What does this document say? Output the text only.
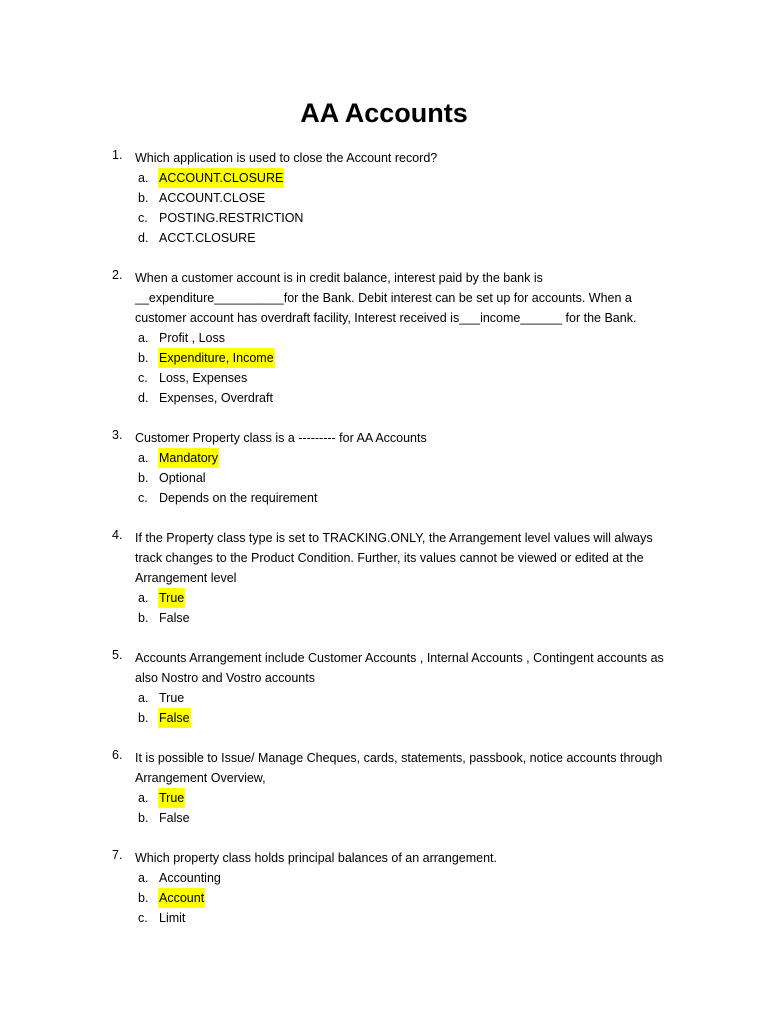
AA Accounts
1.	Which application is used to close the Account record?
a. ACCOUNT.CLOSURE
b. ACCOUNT.CLOSE
c. POSTING.RESTRICTION
d. ACCT.CLOSURE
2.	When a customer account is in credit balance, interest paid by the bank is __expenditure__________for the Bank. Debit interest can be set up for accounts. When a customer account has overdraft facility, Interest received is___income______ for the Bank.
a. Profit , Loss
b. Expenditure, Income
c. Loss, Expenses
d. Expenses, Overdraft
3.	Customer Property class is a --------- for AA Accounts
a. Mandatory
b. Optional
c. Depends on the requirement
4.	If the Property class type is set to TRACKING.ONLY, the Arrangement level values will always track changes to the Product Condition. Further, its values cannot be viewed or edited at the Arrangement level
a. True
b. False
5.	Accounts Arrangement include Customer Accounts , Internal Accounts , Contingent accounts as also Nostro and Vostro accounts
a. True
b. False
6.	It is possible to Issue/ Manage Cheques, cards, statements, passbook, notice accounts through Arrangement Overview,
a. True
b. False
7.	Which property class holds principal balances of an arrangement.
a. Accounting
b. Account
c. Limit
